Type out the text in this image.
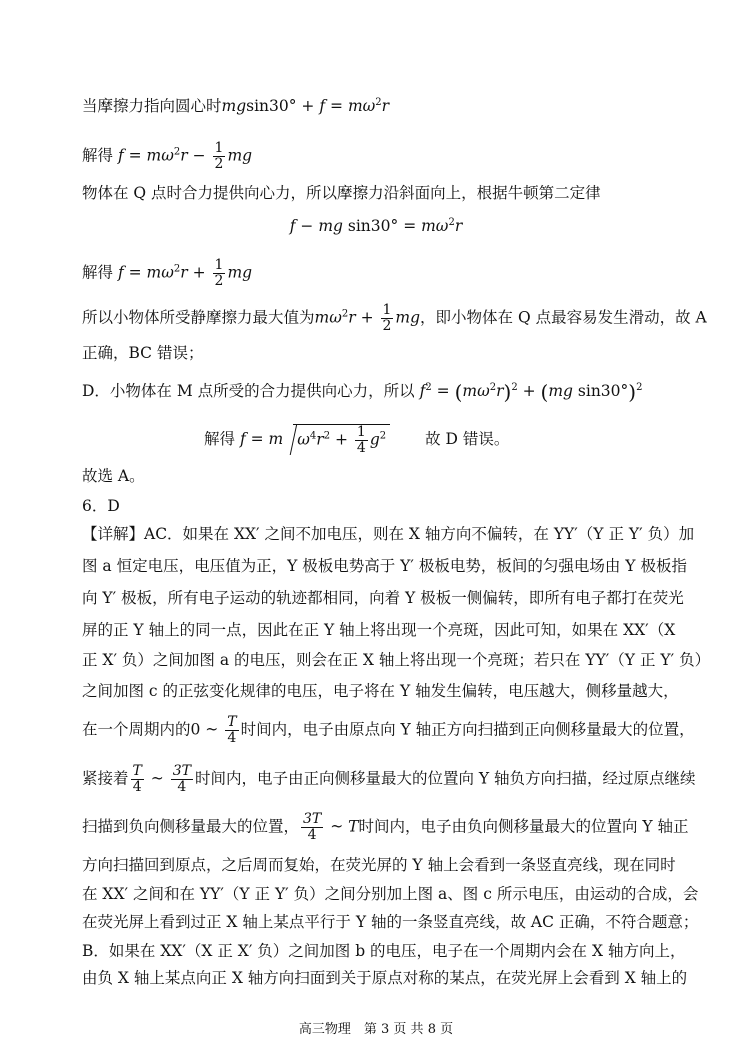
当摩擦力指向圆心时$mgsin30^\circ + f = m\omega^2r$
解得 $f = m\omega^2r - \frac{1}{2}$ mg
物体在 Q 点时合力提供向心力，所以摩擦力沿斜面向上，根据牛顿第二定律
f − mg $\sin 30^\circ = m\omega^2r$
解得 $f = m\omega^2r + \frac{1}{2}$ mg
所以小物体所受静摩擦力最大值为$m\omega^2r + \frac{1}{2}$ mg，即小物体在 Q 点最容易发生滑动，故 A
正确，BC 错误；
D．小物体在 M 点所受的合力提供向心力，所以 $f^2 = (m\omega^2r)^2 + (mg$ sin30°)$^2$
解得 f = m $\omega^4r^2 + \frac{1}{4} g^2$	故 D 错误。
故选 A。
6．D
【详解】AC．如果在 XX′ 之间不加电压，则在 X 轴方向不偏转，在 YY′（Y 正 Y′ 负）加
图 a 恒定电压，电压值为正，Y 极板电势高于 Y′ 极板电势，板间的匀强电场由 Y 极板指
向 Y′ 极板，所有电子运动的轨迹都相同，向着 Y 极板一侧偏转，即所有电子都打在荧光
屏的正 Y 轴上的同一点，因此在正 Y 轴上将出现一个亮斑，因此可知，如果在 XX′（X
正 X′ 负）之间加图 a 的电压，则会在正 X 轴上将出现一个亮斑；若只在 YY′（Y 正 Y′ 负）
之间加图 c 的正弦变化规律的电压，电子将在 Y 轴发生偏转，电压越大，侧移量越大，
在一个周期内的0 ~ $\frac{T}{4}$ 时间内，电子由原点向 Y 轴正方向扫描到正向侧移量最大的位置，
紧接着 $\frac{T}{4}$ ~ $\frac{3T}{4}$ 时间内，电子由正向侧移量最大的位置向 Y 轴负方向扫描，经过原点继续
扫描到负向侧移量最大的位置， $\frac{3T}{4}$ ~ T时间内，电子由负向侧移量最大的位置向 Y 轴正
方向扫描回到原点，之后周而复始，在荧光屏的 Y 轴上会看到一条竖直亮线，现在同时
在 XX′ 之间和在 YY′（Y 正 Y′ 负）之间分别加上图 a、图 c 所示电压，由运动的合成，会
在荧光屏上看到过正 X 轴上某点平行于 Y 轴的一条竖直亮线，故 AC 正确，不符合题意；
B．如果在 XX′（X 正 X′ 负）之间加图 b 的电压，电子在一个周期内会在 X 轴方向上，
由负 X 轴上某点向正 X 轴方向扫面到关于原点对称的某点，在荧光屏上会看到 X 轴上的
高三物理　第 3 页 共 8 页
